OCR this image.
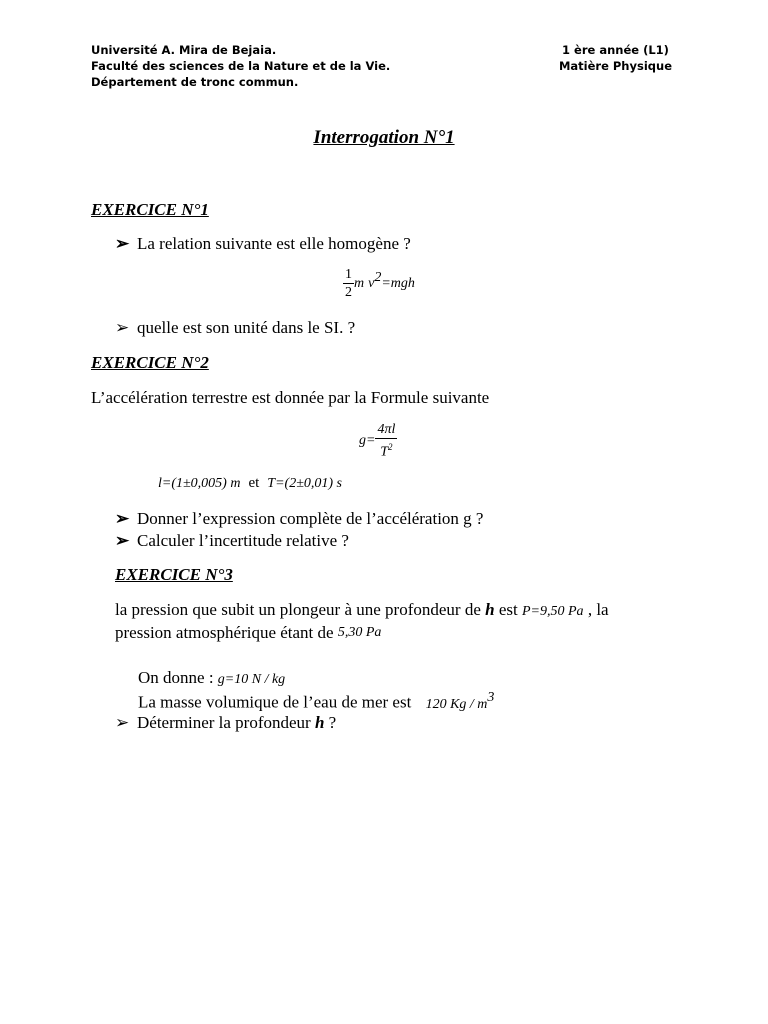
Université A. Mira de Bejaia.
Faculté des sciences de la Nature et de la Vie.
Département de tronc commun.
1 ère année (L1)
Matière Physique
Interrogation N°1
EXERCICE N°1
➢ La relation suivante est elle homogène ?
$\frac{1}{2}$ m $v^2=mgh$
➢ quelle est son unité dans le SI. ?
EXERCICE N°2
L’accélération terrestre est donnée par la Formule suivante
$g= \frac{4\pi l}{T^2}$
l=(1±0,005) m et T=(2±0,01) s
➢ Donner l’expression complète de l’accélération g ?
➢ Calculer l’incertitude relative ?
EXERCICE N°3
la pression que subit un plongeur à une profondeur de h est P=9,50 Pa , la
pression atmosphérique étant de 5,30 Pa
On donne : g=10 N / kg
La masse volumique de l’eau de mer est 120 Kg / $m^3$
➢ Déterminer la profondeur h ?
